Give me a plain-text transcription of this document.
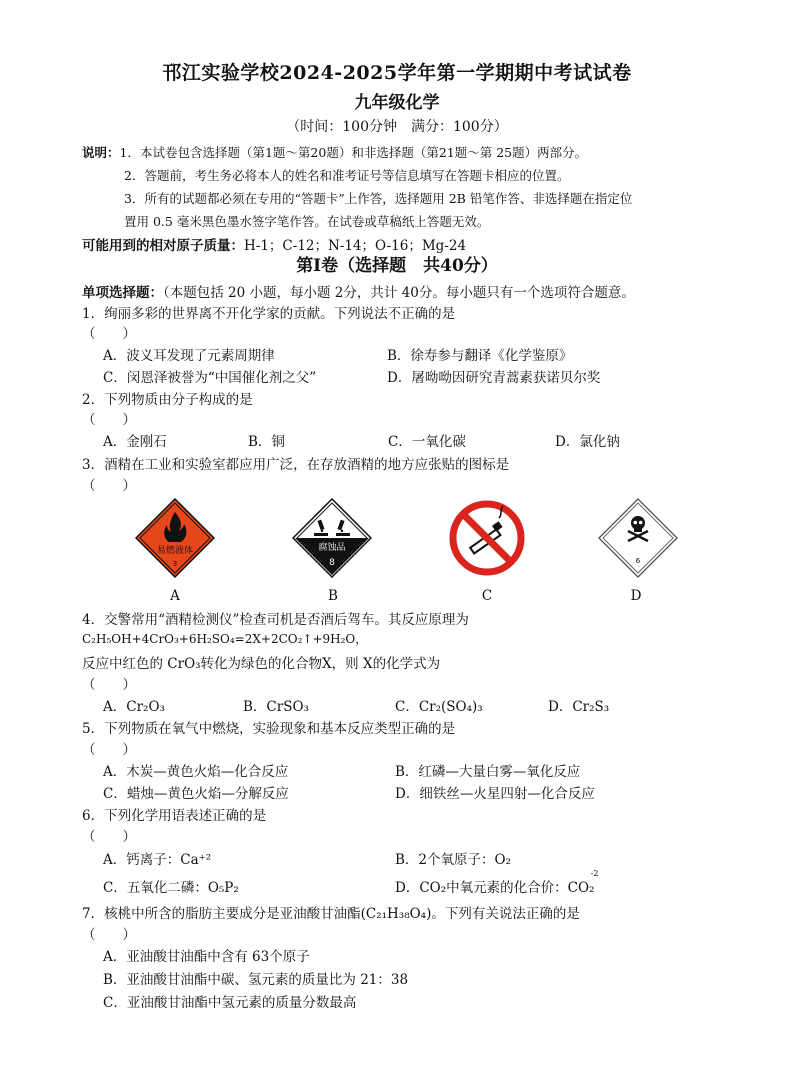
邗江实验学校2024-2025学年第一学期期中考试试卷
九年级化学
（时间：100分钟　满分：100分）
说明：1．本试卷包含选择题（第1题～第20题）和非选择题（第21题～第 25题）两部分。
2．答题前，考生务必将本人的姓名和准考证号等信息填写在答题卡相应的位置。
3．所有的试题都必须在专用的“答题卡”上作答，选择题用 2B 铅笔作答、非选择题在指定位
置用 0.5 毫米黑色墨水签字笔作答。在试卷或草稿纸上答题无效。
可能用到的相对原子质量：H-1；C-12；N-14；O-16；Mg-24
第Ⅰ卷（选择题　共40分）
单项选择题：（本题包括 20 小题，每小题 2分，共计 40分。每小题只有一个选项符合题意。
1．绚丽多彩的世界离不开化学家的贡献。下列说法不正确的是
（　　）
A．波义耳发现了元素周期律	B．徐寿参与翻译《化学鉴原》
C．闵恩泽被誉为“中国催化剂之父”	D．屠呦呦因研究青蒿素获诺贝尔奖
2．下列物质由分子构成的是
（　　）
A．金刚石	B．铜	C．一氧化碳	D．氯化钠
3．酒精在工业和实验室都应用广泛，在存放酒精的地方应张贴的图标是
（　　）
易燃液体
3
腐蚀品
8	6
A	B	C	D
4．交警常用“酒精检测仪”检查司机是否酒后驾车。其反应原理为
C₂H₅OH+4CrO₃+6H₂SO₄=2X+2CO₂↑+9H₂O，
反应中红色的 CrO₃转化为绿色的化合物X，则 X的化学式为
（　　）
A．Cr₂O₃	B．CrSO₃	C．Cr₂(SO₄)₃	D．Cr₂S₃
5．下列物质在氧气中燃烧，实验现象和基本反应类型正确的是
（　　）
A．木炭—黄色火焰—化合反应	B．红磷—大量白雾—氧化反应
C．蜡烛—黄色火焰—分解反应	D．细铁丝—火星四射—化合反应
6．下列化学用语表述正确的是
（　　）
A．钙离子：Ca⁺²	B．2个氧原子：O₂
C．五氧化二磷：O₅P₂	D．CO₂中氧元素的化合价：
-2
CO₂
7．核桃中所含的脂肪主要成分是亚油酸甘油酯(C₂₁H₃₈O₄)。下列有关说法正确的是
（　　）
A．亚油酸甘油酯中含有 63个原子
B．亚油酸甘油酯中碳、氢元素的质量比为 21：38
C．亚油酸甘油酯中氢元素的质量分数最高
